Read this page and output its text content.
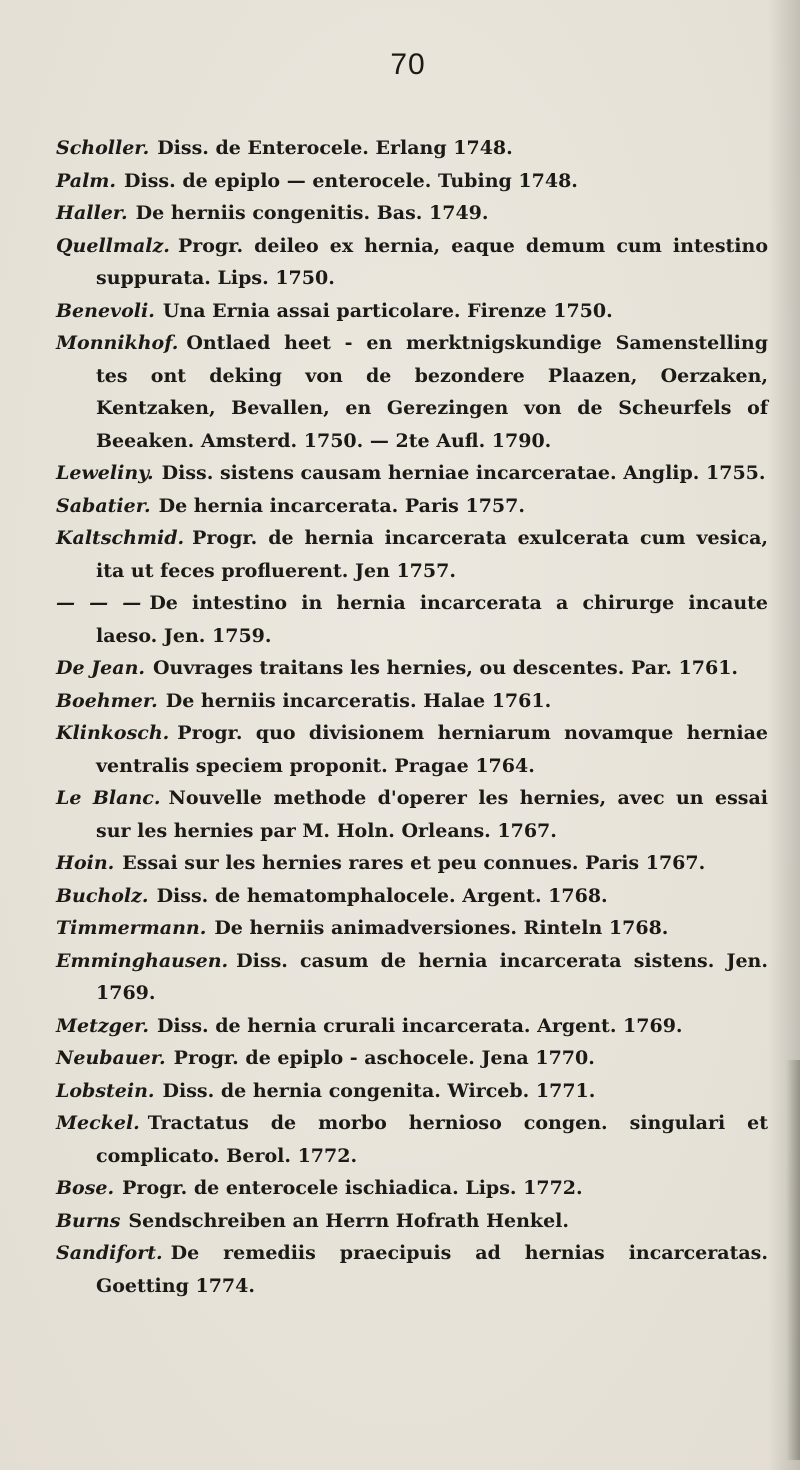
70
Scholler. Diss. de Enterocele. Erlang 1748.
Palm. Diss. de epiplo — enterocele. Tubing 1748.
Haller. De herniis congenitis. Bas. 1749.
Quellmalz. Progr. deileo ex hernia, eaque demum cum intestino suppurata. Lips. 1750.
Benevoli. Una Ernia assai particolare. Firenze 1750.
Monnikhof. Ontlaed heet - en merktnigskundige Samenstelling tes ont deking von de bezondere Plaazen, Oerzaken, Kentzaken, Bevallen, en Gerezingen von de Scheurfels of Beeaken. Amsterd. 1750. — 2te Aufl. 1790.
Leweliny. Diss. sistens causam herniae incarceratae. Anglip. 1755.
Sabatier. De hernia incarcerata. Paris 1757.
Kaltschmid. Progr. de hernia incarcerata exulcerata cum vesica, ita ut feces profluerent. Jen 1757.
— — — De intestino in hernia incarcerata a chirurge incaute laeso. Jen. 1759.
De Jean. Ouvrages traitans les hernies, ou descentes. Par. 1761.
Boehmer. De herniis incarceratis. Halae 1761.
Klinkosch. Progr. quo divisionem herniarum novamque herniae ventralis speciem proponit. Pragae 1764.
Le Blanc. Nouvelle methode d'operer les hernies, avec un essai sur les hernies par M. Holn. Orleans. 1767.
Hoin. Essai sur les hernies rares et peu connues. Paris 1767.
Bucholz. Diss. de hematomphalocele. Argent. 1768.
Timmermann. De herniis animadversiones. Rinteln 1768.
Emminghausen. Diss. casum de hernia incarcerata sistens. Jen. 1769.
Metzger. Diss. de hernia crurali incarcerata. Argent. 1769.
Neubauer. Progr. de epiplo - aschocele. Jena 1770.
Lobstein. Diss. de hernia congenita. Wirceb. 1771.
Meckel. Tractatus de morbo hernioso congen. singulari et complicato. Berol. 1772.
Bose. Progr. de enterocele ischiadica. Lips. 1772.
Burns Sendschreiben an Herrn Hofrath Henkel.
Sandifort. De remediis praecipuis ad hernias incarceratas. Goetting 1774.
